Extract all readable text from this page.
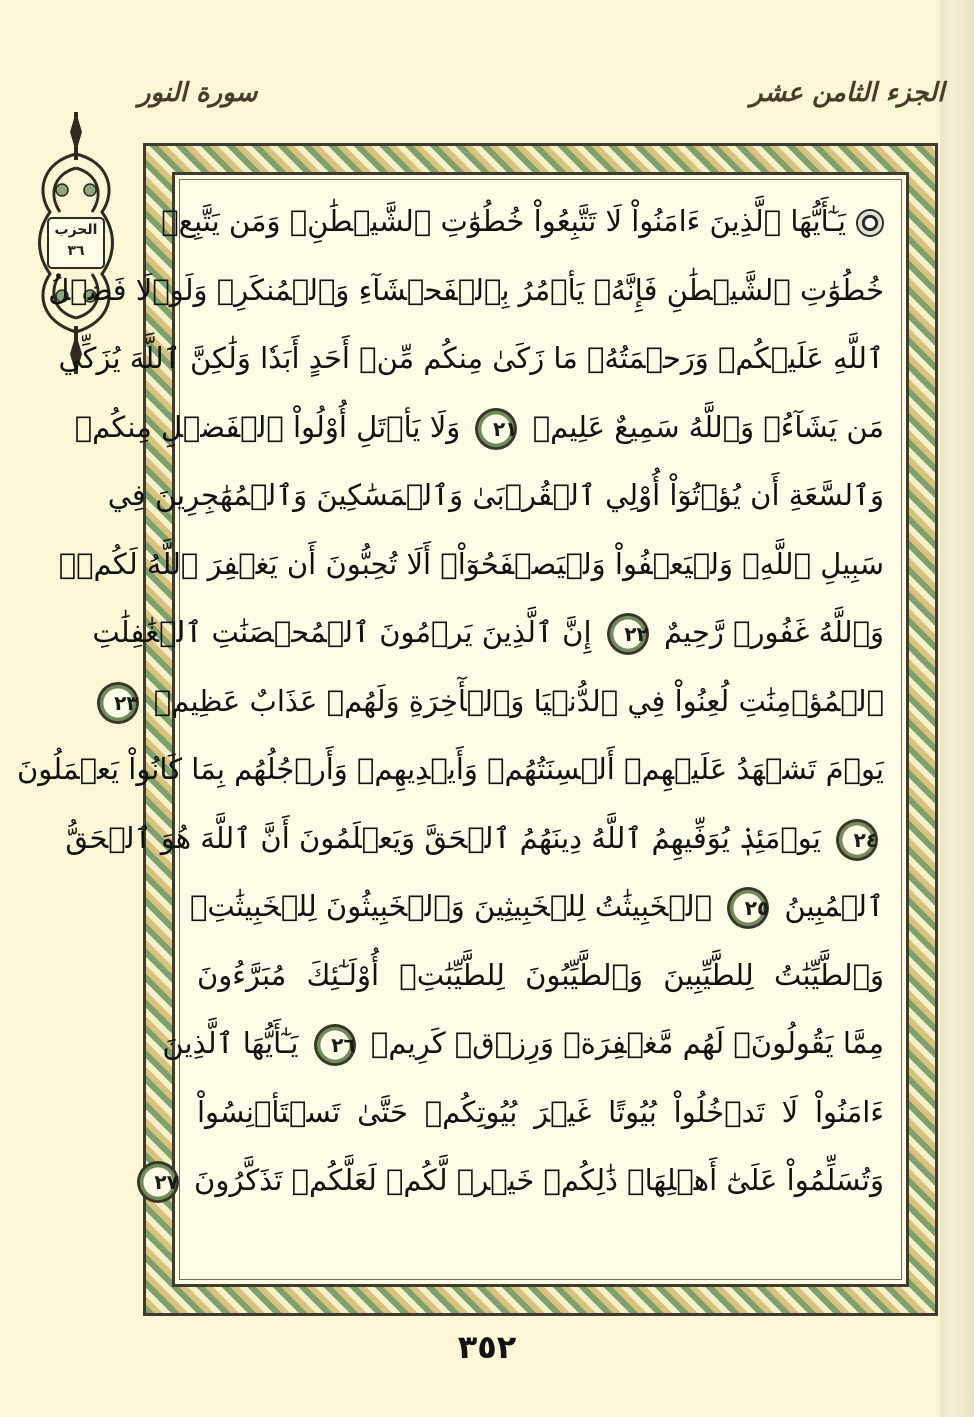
سورة النور	الجزء الثامن عشر
الحزب
٣٦
يَـٰٓأَيُّهَا ٱلَّذِينَ ءَامَنُواْ لَا تَتَّبِعُواْ خُطُوَٰتِ ٱلشَّيۡطَٰنِۚ وَمَن يَتَّبِعۡ
خُطُوَٰتِ ٱلشَّيۡطَٰنِ فَإِنَّهُۥ يَأۡمُرُ بِٱلۡفَحۡشَآءِ وَٱلۡمُنكَرِۚ وَلَوۡلَا فَضۡلُ
ٱللَّهِ عَلَيۡكُمۡ وَرَحۡمَتُهُۥ مَا زَكَىٰ مِنكُم مِّنۡ أَحَدٍ أَبَدٗا وَلَٰكِنَّ ٱللَّهَ يُزَكِّي
مَن يَشَآءُۗ وَٱللَّهُ سَمِيعٌ عَلِيمٞ ٢١ وَلَا يَأۡتَلِ أُوْلُواْ ٱلۡفَضۡلِ مِنكُمۡ
وَٱلسَّعَةِ أَن يُؤۡتُوٓاْ أُوْلِي ٱلۡقُرۡبَىٰ وَٱلۡمَسَٰكِينَ وَٱلۡمُهَٰجِرِينَ فِي
سَبِيلِ ٱللَّهِۖ وَلۡيَعۡفُواْ وَلۡيَصۡفَحُوٓاْۗ أَلَا تُحِبُّونَ أَن يَغۡفِرَ ٱللَّهُ لَكُمۡۚ
وَٱللَّهُ غَفُورٞ رَّحِيمٌ ٢٢ إِنَّ ٱلَّذِينَ يَرۡمُونَ ٱلۡمُحۡصَنَٰتِ ٱلۡغَٰفِلَٰتِ
ٱلۡمُؤۡمِنَٰتِ لُعِنُواْ فِي ٱلدُّنۡيَا وَٱلۡأٓخِرَةِ وَلَهُمۡ عَذَابٌ عَظِيمٞ ٢٣
يَوۡمَ تَشۡهَدُ عَلَيۡهِمۡ أَلۡسِنَتُهُمۡ وَأَيۡدِيهِمۡ وَأَرۡجُلُهُم بِمَا كَانُواْ يَعۡمَلُونَ
٢٤ يَوۡمَئِذٖ يُوَفِّيهِمُ ٱللَّهُ دِينَهُمُ ٱلۡحَقَّ وَيَعۡلَمُونَ أَنَّ ٱللَّهَ هُوَ ٱلۡحَقُّ
ٱلۡمُبِينُ ٢٥ ٱلۡخَبِيثَٰتُ لِلۡخَبِيثِينَ وَٱلۡخَبِيثُونَ لِلۡخَبِيثَٰتِۖ
وَٱلطَّيِّبَٰتُ لِلطَّيِّبِينَ وَٱلطَّيِّبُونَ لِلطَّيِّبَٰتِۚ أُوْلَـٰٓئِكَ مُبَرَّءُونَ
مِمَّا يَقُولُونَۖ لَهُم مَّغۡفِرَةٞ وَرِزۡقٞ كَرِيمٞ ٢٦ يَـٰٓأَيُّهَا ٱلَّذِينَ
ءَامَنُواْ لَا تَدۡخُلُواْ بُيُوتًا غَيۡرَ بُيُوتِكُمۡ حَتَّىٰ تَسۡتَأۡنِسُواْ
وَتُسَلِّمُواْ عَلَىٰٓ أَهۡلِهَاۚ ذَٰلِكُمۡ خَيۡرٞ لَّكُمۡ لَعَلَّكُمۡ تَذَكَّرُونَ ٢٧
٣٥٢
